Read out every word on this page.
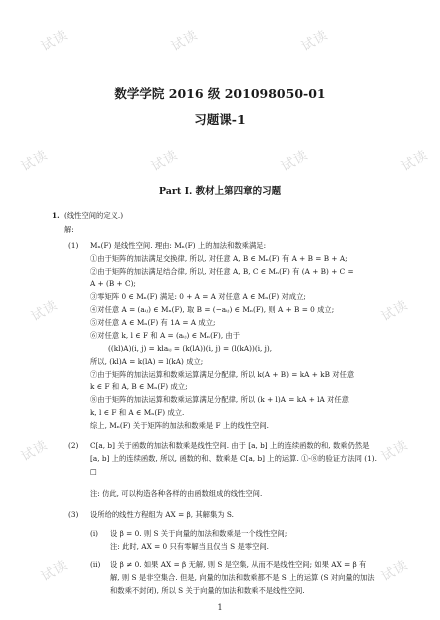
试读	试读	试读
试读	试读	试读	试读
试读	试读
试读	试读
试读	试读
数学学院 2016 级 201098050-01
习题课-1
Part I. 教材上第四章的习题
1. (线性空间的定义.)
解:
(1) Mₙ(F) 是线性空间. 理由: Mₙ(F) 上的加法和数乘满足:
①由于矩阵的加法满足交换律, 所以, 对任意 A, B ∈ Mₙ(F) 有 A + B = B + A;
②由于矩阵的加法满足结合律, 所以, 对任意 A, B, C ∈ Mₙ(F) 有 (A + B) + C =
A + (B + C);
③零矩阵 0 ∈ Mₙ(F) 满足: 0 + A = A 对任意 A ∈ Mₙ(F) 对成立;
④对任意 A = (aᵢⱼ) ∈ Mₙ(F), 取 B = (−aᵢⱼ) ∈ Mₙ(F), 则 A + B = 0 成立;
⑤对任意 A ∈ Mₙ(F) 有 1A = A 成立;
⑥对任意 k, l ∈ F 和 A = (aᵢⱼ) ∈ Mₙ(F), 由于
((kl)A)(i, j) = klaᵢⱼ = (k(lA))(i, j) = (l(kA))(i, j),
所以, (kl)A = k(lA) = l(kA) 成立;
⑦由于矩阵的加法运算和数乘运算满足分配律, 所以 k(A + B) = kA + kB 对任意
k ∈ F 和 A, B ∈ Mₙ(F) 成立;
⑧由于矩阵的加法运算和数乘运算满足分配律, 所以 (k + l)A = kA + lA 对任意
k, l ∈ F 和 A ∈ Mₙ(F) 成立.
综上, Mₙ(F) 关于矩阵的加法和数乘是 F 上的线性空间.
(2) C[a, b] 关于函数的加法和数乘是线性空间. 由于 [a, b] 上的连续函数的和, 数乘仍然是
[a, b] 上的连续函数, 所以, 函数的和、数乘是 C[a, b] 上的运算. ①-⑧的验证方法同 (1).
□
注: 仿此, 可以构造各种各样的由函数组成的线性空间.
(3) 设所给的线性方程组为 AX = β, 其解集为 S.
(i) 设 β = 0. 则 S 关于向量的加法和数乘是一个线性空间;
注: 此时, AX = 0 只有零解当且仅当 S 是零空间.
(ii) 设 β ≠ 0. 如果 AX = β 无解, 则 S 是空集, 从而不是线性空间; 如果 AX = β 有
解, 则 S 是非空集合. 但是, 向量的加法和数乘都不是 S 上的运算 (S 对向量的加法
和数乘不封闭), 所以 S 关于向量的加法和数乘不是线性空间.
1
